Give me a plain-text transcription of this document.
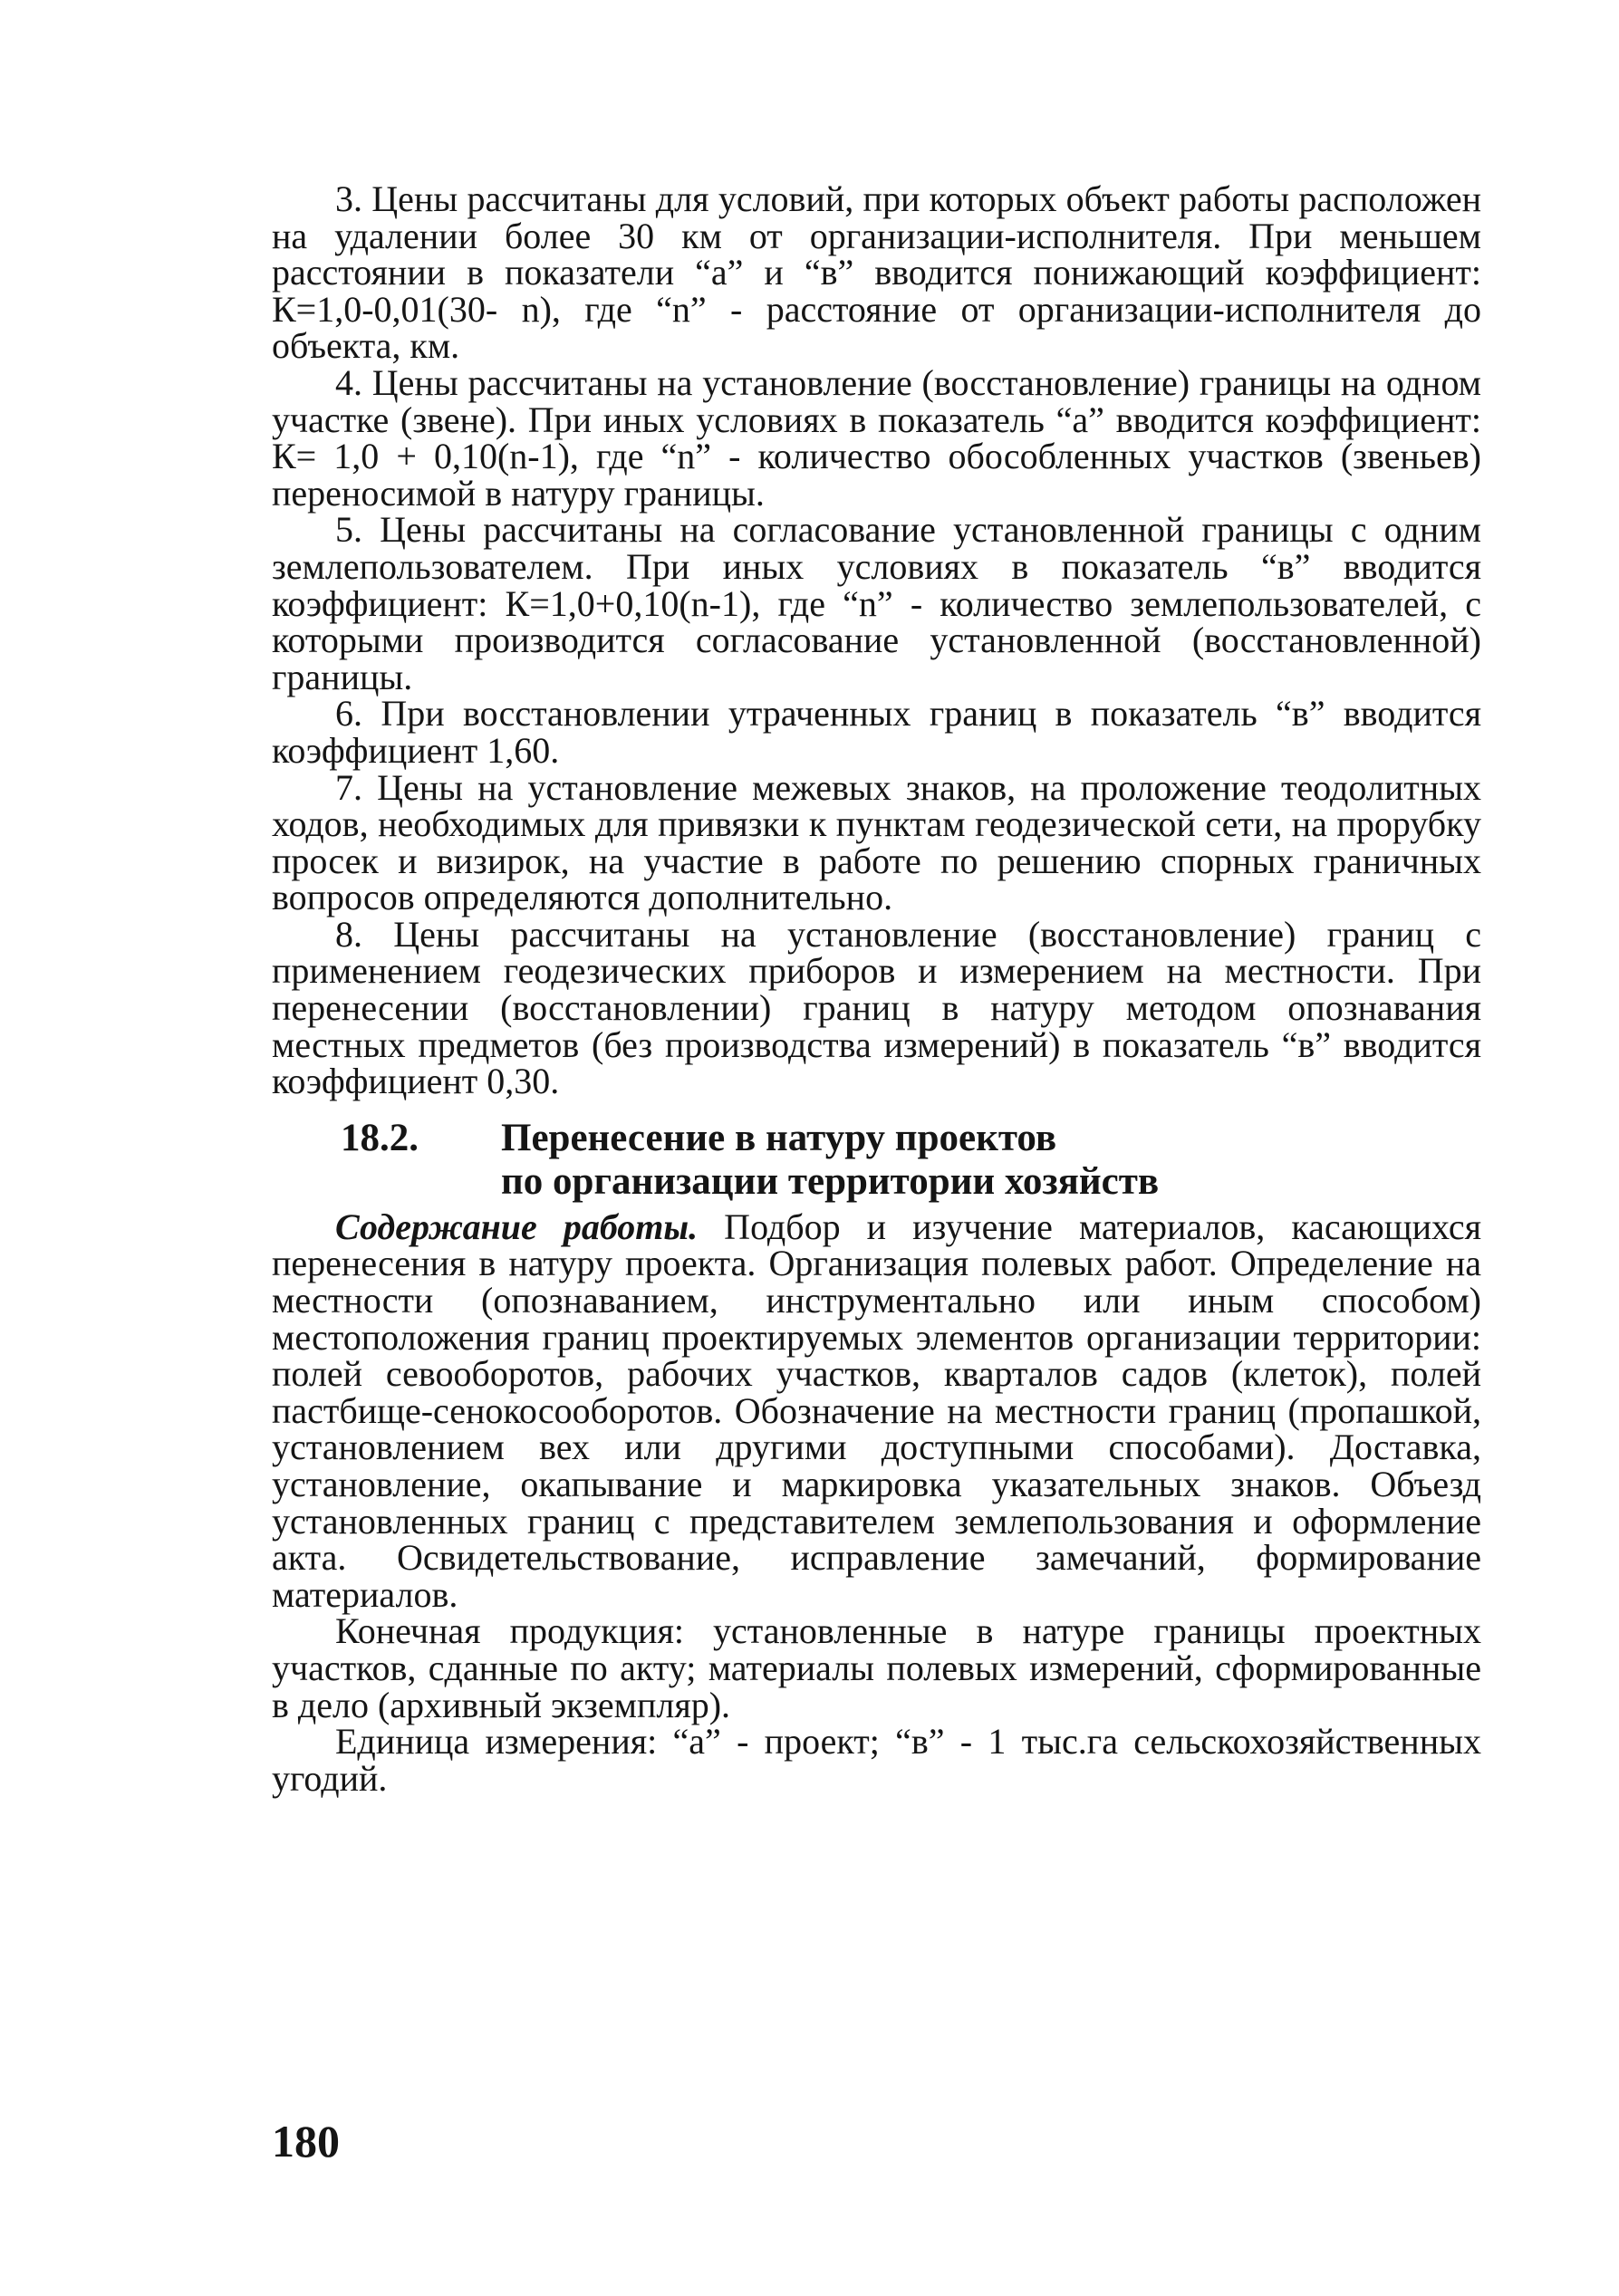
3. Цены рассчитаны для условий, при которых объект работы расположен на удалении более 30 км от организации-исполнителя. При меньшем расстоянии в показатели “а” и “в” вводится понижающий коэффициент: К=1,0-0,01(30- n), где “n” - расстояние от организации-исполнителя до объекта, км.

4. Цены рассчитаны на установление (восстановление) границы на одном участке (звене). При иных условиях в показатель “а” вводится коэффициент: К= 1,0 + 0,10(n-1), где “n” - количество обособленных участков (звеньев) переносимой в натуру границы.

5. Цены рассчитаны на согласование установленной границы с одним землепользователем. При иных условиях в показатель “в” вводится коэффициент: К=1,0+0,10(n-1), где “n” - количество землепользователей, с которыми производится согласование установленной (восстановленной) границы.

6. При восстановлении утраченных границ в показатель “в” вводится коэффициент 1,60.

7. Цены на установление межевых знаков, на проложение теодолитных ходов, необходимых для привязки к пунктам геодезической сети, на прорубку просек и визирок, на участие в работе по решению спорных граничных вопросов определяются дополнительно.

8. Цены рассчитаны на установление (восстановление) границ с применением геодезических приборов и измерением на местности. При перенесении (восстановлении) границ в натуру методом опознавания местных предметов (без производства измерений) в показатель “в” вводится коэффициент 0,30.

18.2.	Перенесение в натуру проектов
по организации территории хозяйств

Содержание работы. Подбор и изучение материалов, касающихся перенесения в натуру проекта. Организация полевых работ. Определение на местности (опознаванием, инструментально или иным способом) местоположения границ проектируемых элементов организации территории: полей севооборотов, рабочих участков, кварталов садов (клеток), полей пастбище-сенокосооборотов. Обозначение на местности границ (пропашкой, установлением вех или другими доступными способами). Доставка, установление, окапывание и маркировка указательных знаков. Объезд установленных границ с представителем землепользования и оформление акта. Освидетельствование, исправление замечаний, формирование материалов.

Конечная продукция: установленные в натуре границы проектных участков, сданные по акту; материалы полевых измерений, сформированные в дело (архивный экземпляр).

Единица измерения: “а” - проект; “в” - 1 тыс.га сельскохозяйственных угодий.

180
